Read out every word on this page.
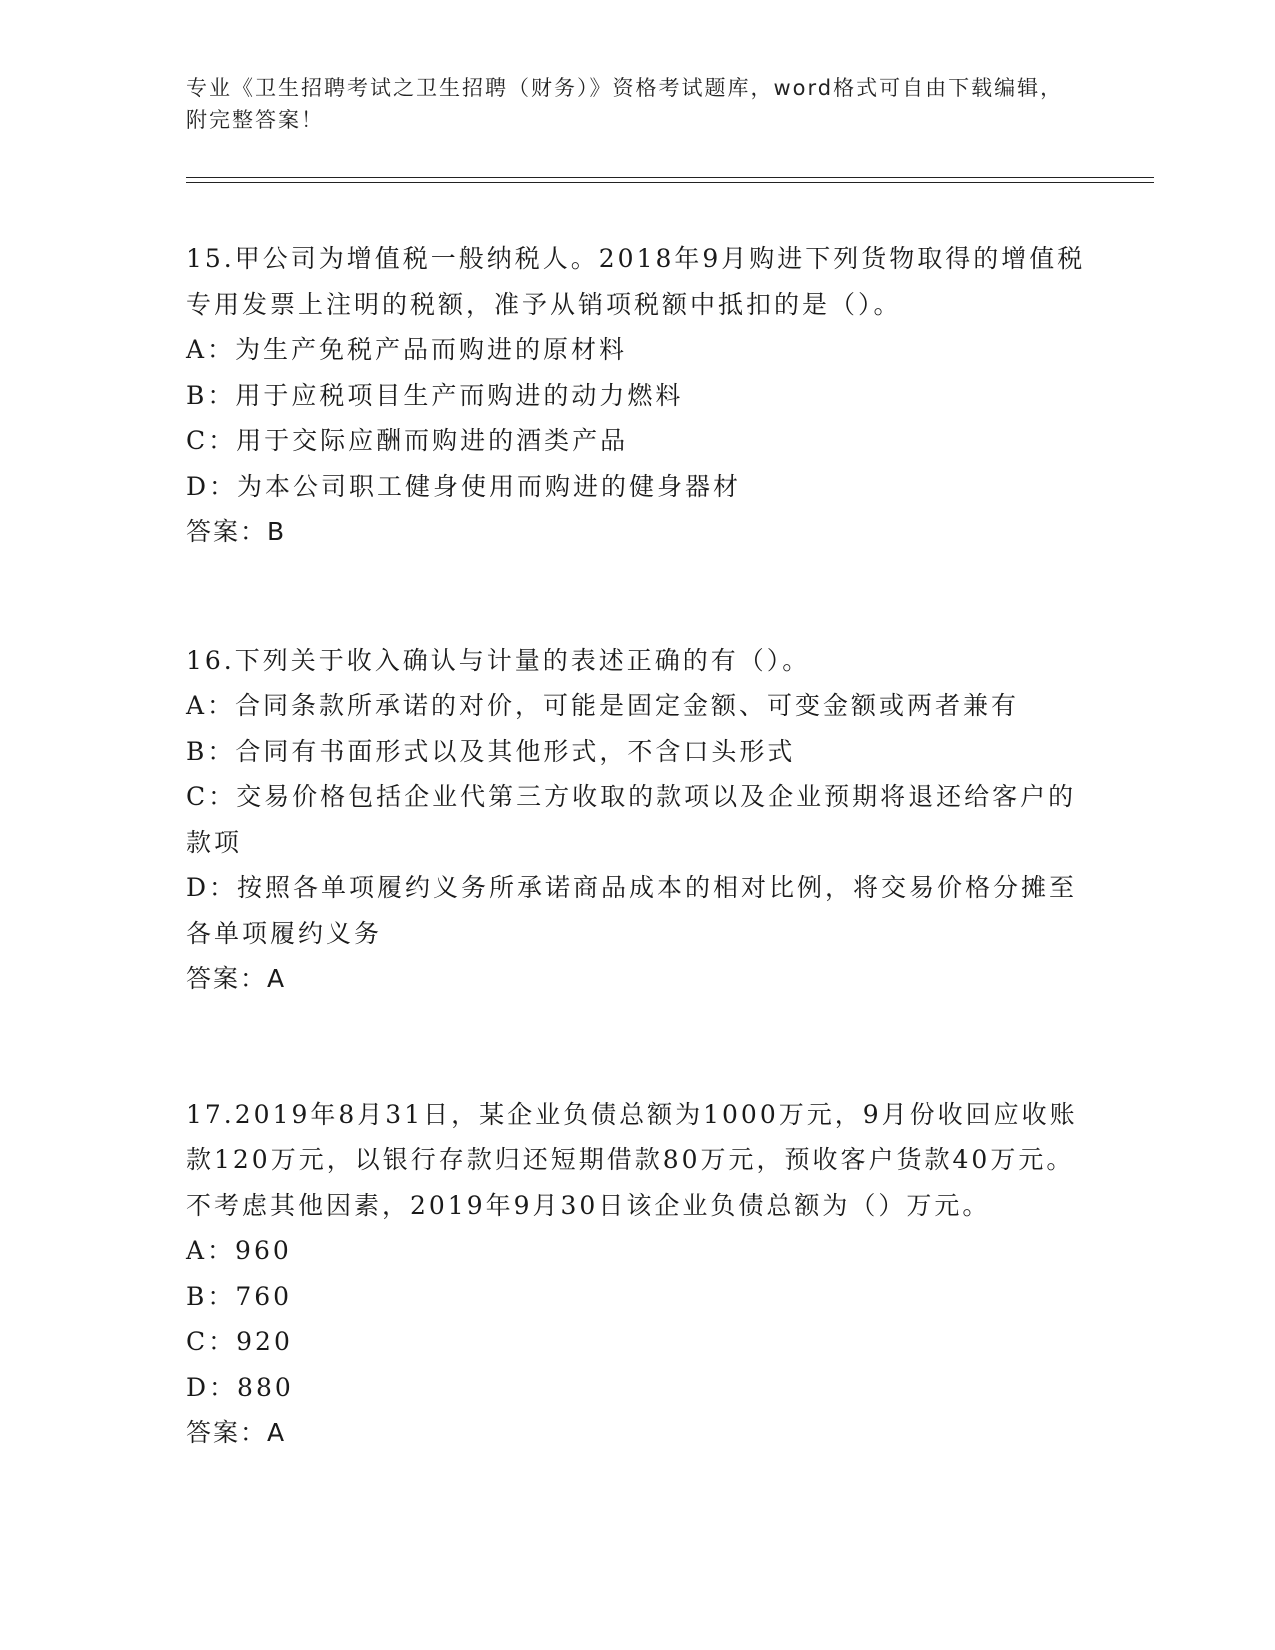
专业《卫生招聘考试之卫生招聘（财务）》资格考试题库，word格式可自由下载编辑，附完整答案！

15.甲公司为增值税一般纳税人。2018年9月购进下列货物取得的增值税专用发票上注明的税额，准予从销项税额中抵扣的是（）。

A：为生产免税产品而购进的原材料

B：用于应税项目生产而购进的动力燃料

C：用于交际应酬而购进的酒类产品

D：为本公司职工健身使用而购进的健身器材

答案：B

16.下列关于收入确认与计量的表述正确的有（）。

A：合同条款所承诺的对价，可能是固定金额、可变金额或两者兼有

B：合同有书面形式以及其他形式，不含口头形式

C：交易价格包括企业代第三方收取的款项以及企业预期将退还给客户的款项

D：按照各单项履约义务所承诺商品成本的相对比例，将交易价格分摊至各单项履约义务

答案：A

17.2019年8月31日，某企业负债总额为1000万元，9月份收回应收账款120万元，以银行存款归还短期借款80万元，预收客户货款40万元。不考虑其他因素，2019年9月30日该企业负债总额为（）万元。

A：960

B：760

C：920

D：880

答案：A
